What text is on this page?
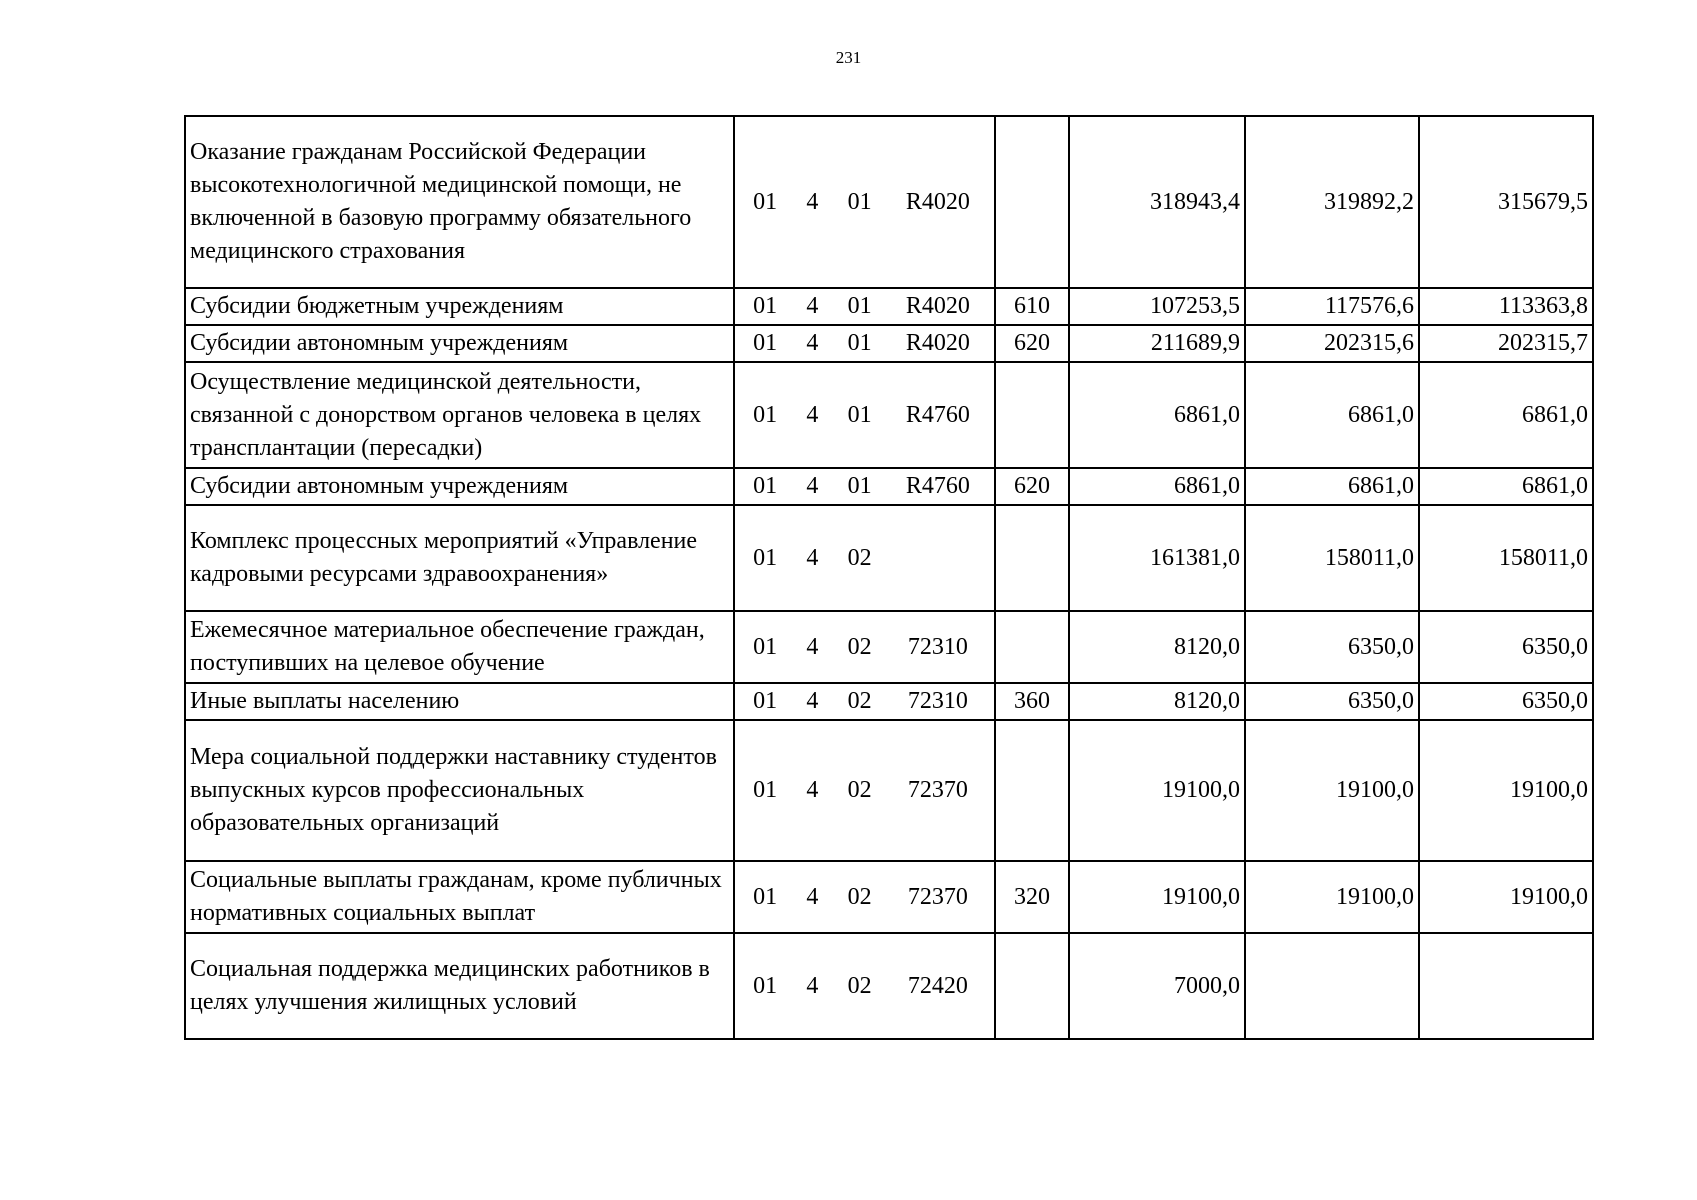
231
Оказание гражданам Российской Федерации высокотехнологичной медицинской помощи, не включенной в базовую программу обязательного медицинского страхования	01 4 01 R4020		318943,4	319892,2	315679,5
Субсидии бюджетным учреждениям	01 4 01 R4020	610	107253,5	117576,6	113363,8
Субсидии автономным учреждениям	01 4 01 R4020	620	211689,9	202315,6	202315,7
Осуществление медицинской деятельности, связанной с донорством органов человека в целях трансплантации (пересадки)	01 4 01 R4760		6861,0	6861,0	6861,0
Субсидии автономным учреждениям	01 4 01 R4760	620	6861,0	6861,0	6861,0
Комплекс процессных мероприятий «Управление кадровыми ресурсами здравоохранения»	01 4 02		161381,0	158011,0	158011,0
Ежемесячное материальное обеспечение граждан, поступивших на целевое обучение	01 4 02 72310		8120,0	6350,0	6350,0
Иные выплаты населению	01 4 02 72310	360	8120,0	6350,0	6350,0
Мера социальной поддержки наставнику студентов выпускных курсов профессиональных образовательных организаций	01 4 02 72370		19100,0	19100,0	19100,0
Социальные выплаты гражданам, кроме публичных нормативных социальных выплат	01 4 02 72370	320	19100,0	19100,0	19100,0
Социальная поддержка медицинских работников в целях улучшения жилищных условий	01 4 02 72420		7000,0		
